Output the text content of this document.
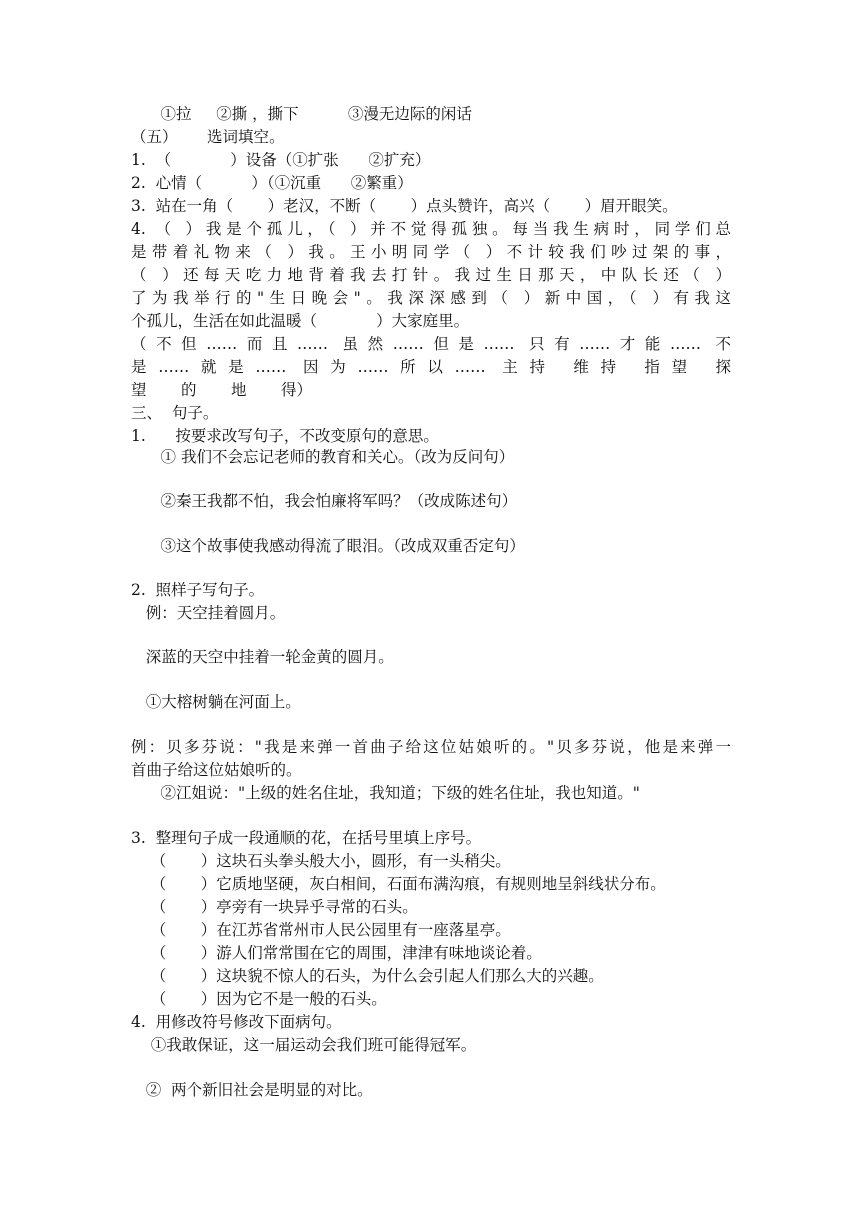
①拉     ②撕 ，撕下          ③漫无边际的闲话
（五）      选词填空。
1.  （            ）设备（①扩张      ②扩充）
2.  心情（          ）（①沉重      ②繁重）
3.  站在一角（       ）老汉，不断（       ）点头赞许，高兴（       ）眉开眼笑。
4. （ ）我是个孤儿，（ ）并不觉得孤独。每当我生病时，同学们总
是带着礼物来（ ）我。王小明同学（ ）不计较我们吵过架的事，
（ ）还每天吃力地背着我去打针。我过生日那天，中队长还（ ）
了为我举行的"生日晚会"。我深深感到（ ）新中国，（ ）有我这
个孤儿，生活在如此温暖（            ）大家庭里。
（不但……而且…… 虽然……但是…… 只有……才能…… 不
是……就是…… 因为……所以…… 主持 维持 指望 探
望       的       地       得）
三、  句子。
1.      按要求改写句子，不改变原句的意思。
① 我们不会忘记老师的教育和关心。（改为反问句）
②秦王我都不怕，我会怕廉将军吗？（改成陈述句）
③这个故事使我感动得流了眼泪。（改成双重否定句）
2.  照样子写句子。
例：天空挂着圆月。
深蓝的天空中挂着一轮金黄的圆月。
①大榕树躺在河面上。
例：贝多芬说："我是来弹一首曲子给这位姑娘听的。"贝多芬说，他是来弹一
首曲子给这位姑娘听的。
②江姐说："上级的姓名住址，我知道；下级的姓名住址，我也知道。"
3.  整理句子成一段通顺的花，在括号里填上序号。
（       ）这块石头拳头般大小，圆形，有一头稍尖。
（       ）它质地坚硬，灰白相间，石面布满沟痕，有规则地呈斜线状分布。
（       ）亭旁有一块异乎寻常的石头。
（       ）在江苏省常州市人民公园里有一座落星亭。
（       ）游人们常常围在它的周围，津津有味地谈论着。
（       ）这块貌不惊人的石头，为什么会引起人们那么大的兴趣。
（       ）因为它不是一般的石头。
4.  用修改符号修改下面病句。
①我敢保证，这一届运动会我们班可能得冠军。
②  两个新旧社会是明显的对比。
